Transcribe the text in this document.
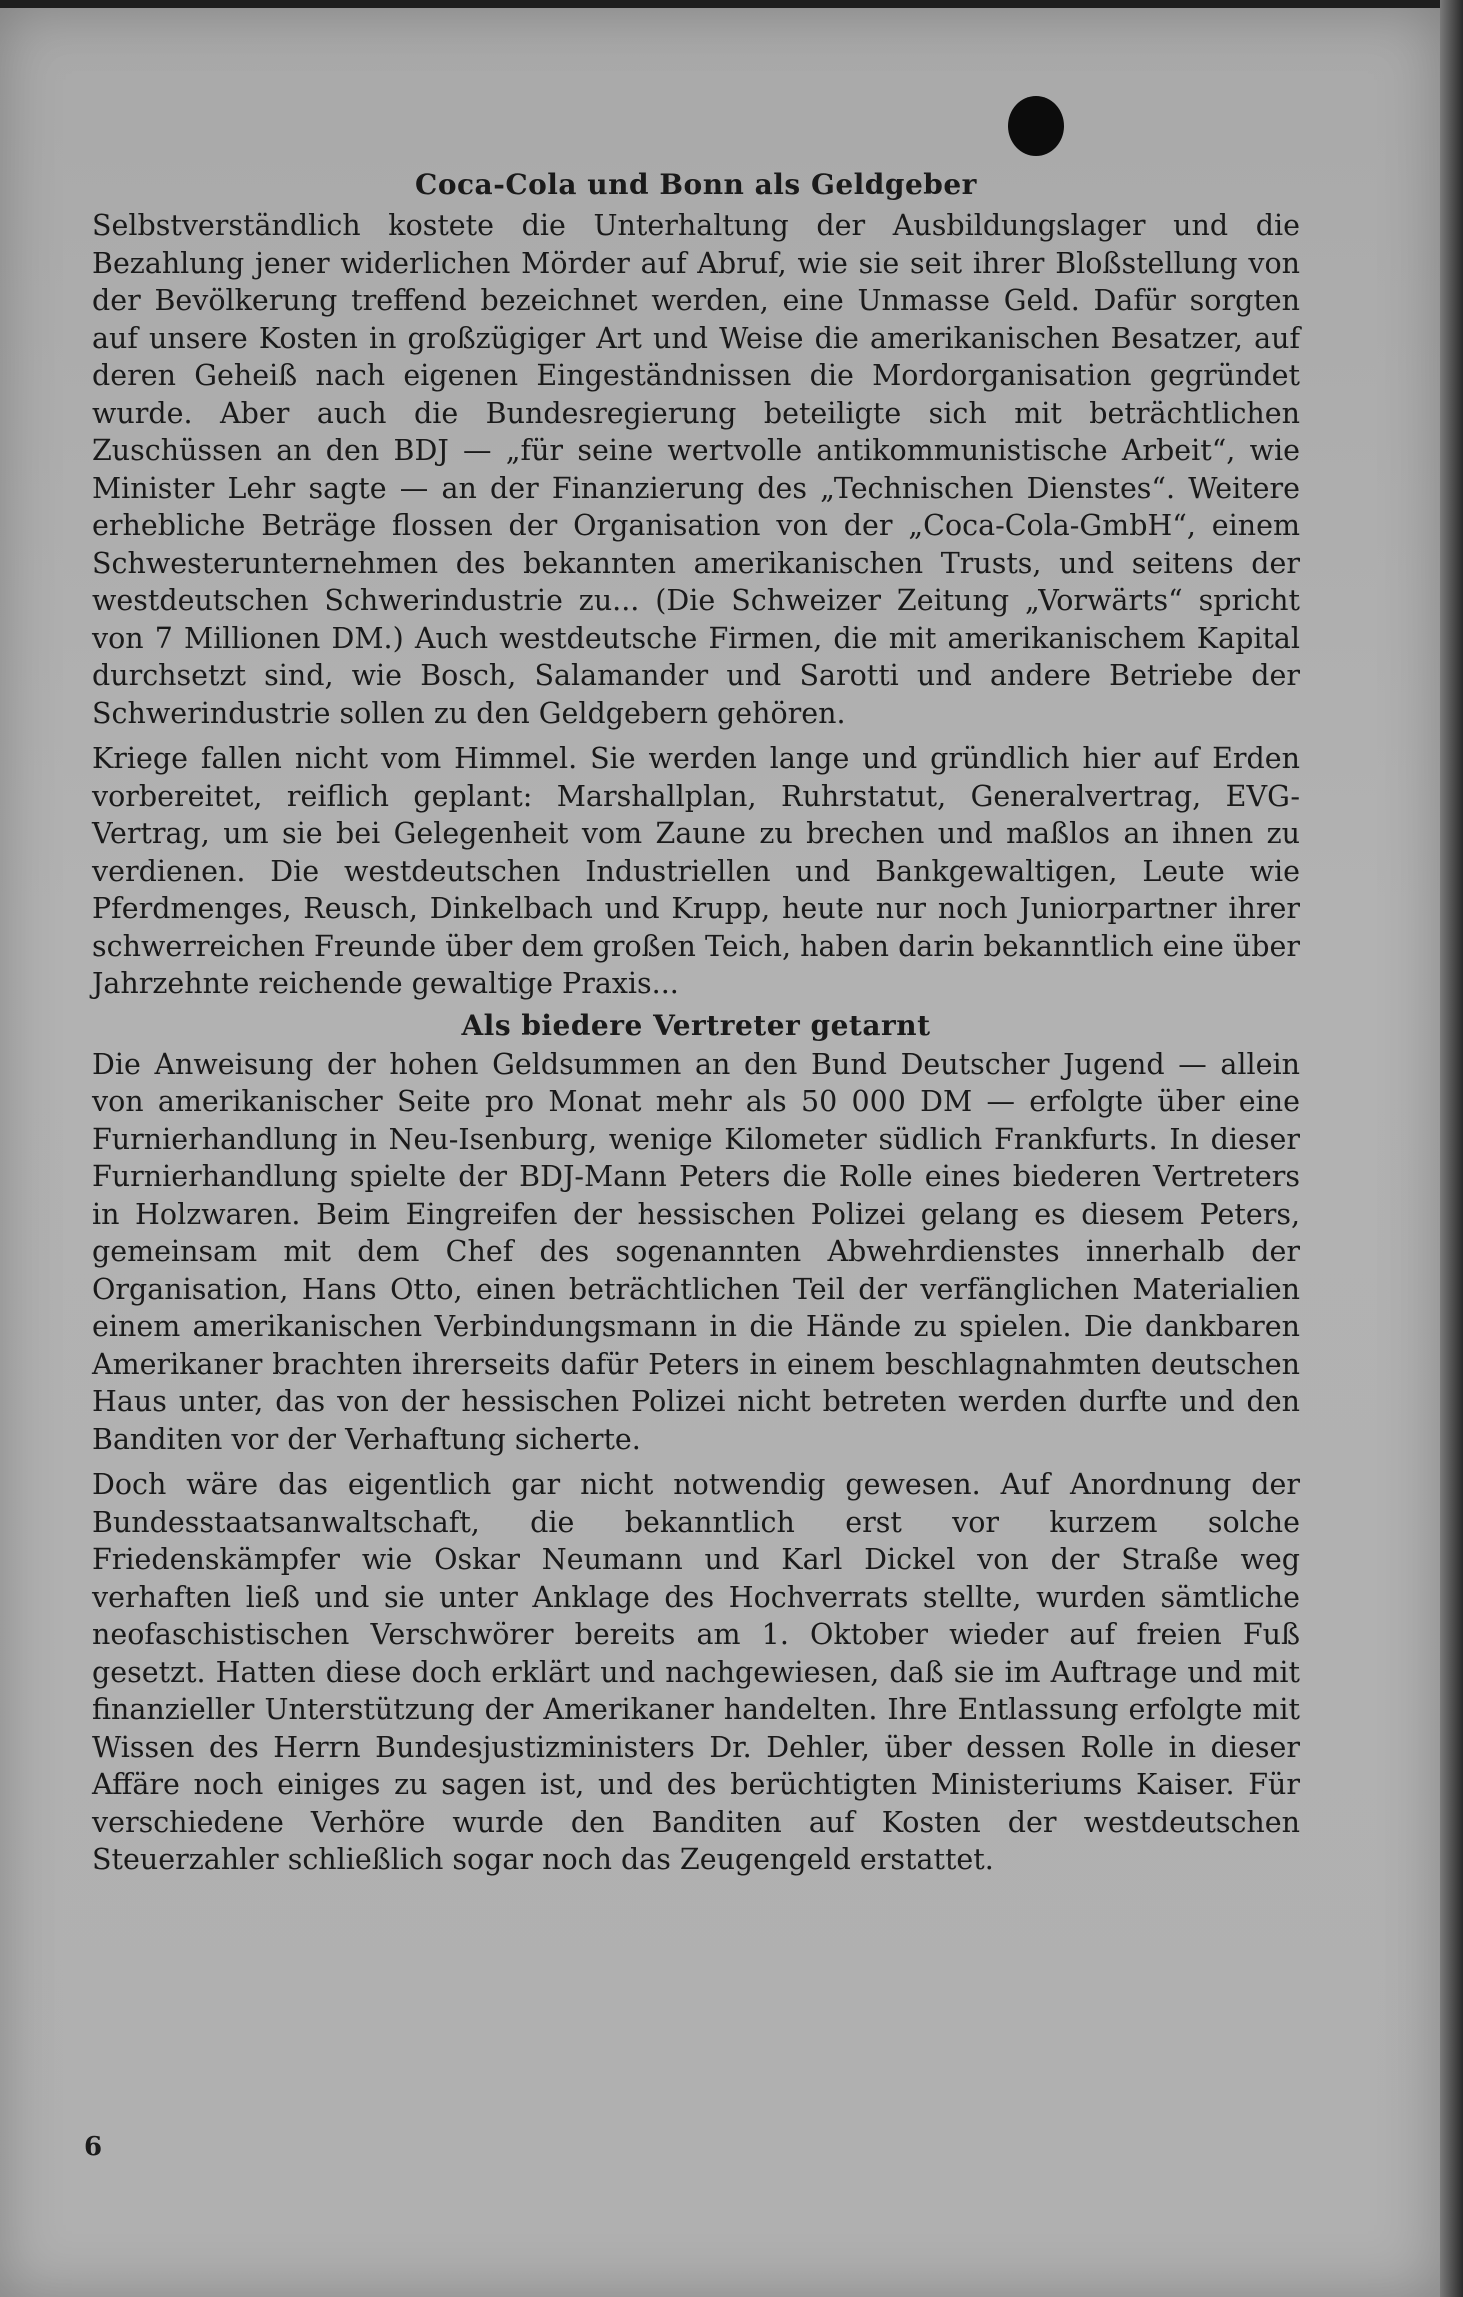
Coca-Cola und Bonn als Geldgeber

Selbstverständlich kostete die Unterhaltung der Ausbildungslager und die Bezahlung jener widerlichen Mörder auf Abruf, wie sie seit ihrer Bloßstellung von der Bevölkerung treffend bezeichnet werden, eine Unmasse Geld. Dafür sorgten auf unsere Kosten in großzügiger Art und Weise die amerikanischen Besatzer, auf deren Geheiß nach eigenen Eingeständnissen die Mordorganisation gegründet wurde. Aber auch die Bundesregierung beteiligte sich mit beträchtlichen Zuschüssen an den BDJ — „für seine wertvolle antikommunistische Arbeit“, wie Minister Lehr sagte — an der Finanzierung des „Technischen Dienstes“. Weitere erhebliche Beträge flossen der Organisation von der „Coca-Cola-GmbH“, einem Schwesterunternehmen des bekannten amerikanischen Trusts, und seitens der westdeutschen Schwerindustrie zu... (Die Schweizer Zeitung „Vorwärts“ spricht von 7 Millionen DM.) Auch westdeutsche Firmen, die mit amerikanischem Kapital durchsetzt sind, wie Bosch, Salamander und Sarotti und andere Betriebe der Schwerindustrie sollen zu den Geldgebern gehören.

Kriege fallen nicht vom Himmel. Sie werden lange und gründlich hier auf Erden vorbereitet, reiflich geplant: Marshallplan, Ruhrstatut, Generalvertrag, EVG-Vertrag, um sie bei Gelegenheit vom Zaune zu brechen und maßlos an ihnen zu verdienen. Die westdeutschen Industriellen und Bankgewaltigen, Leute wie Pferdmenges, Reusch, Dinkelbach und Krupp, heute nur noch Juniorpartner ihrer schwerreichen Freunde über dem großen Teich, haben darin bekanntlich eine über Jahrzehnte reichende gewaltige Praxis...

Als biedere Vertreter getarnt

Die Anweisung der hohen Geldsummen an den Bund Deutscher Jugend — allein von amerikanischer Seite pro Monat mehr als 50 000 DM — erfolgte über eine Furnierhandlung in Neu-Isenburg, wenige Kilometer südlich Frankfurts. In dieser Furnierhandlung spielte der BDJ-Mann Peters die Rolle eines biederen Vertreters in Holzwaren. Beim Eingreifen der hessischen Polizei gelang es diesem Peters, gemeinsam mit dem Chef des sogenannten Abwehrdienstes innerhalb der Organisation, Hans Otto, einen beträchtlichen Teil der verfänglichen Materialien einem amerikanischen Verbindungsmann in die Hände zu spielen. Die dankbaren Amerikaner brachten ihrerseits dafür Peters in einem beschlagnahmten deutschen Haus unter, das von der hessischen Polizei nicht betreten werden durfte und den Banditen vor der Verhaftung sicherte.

Doch wäre das eigentlich gar nicht notwendig gewesen. Auf Anordnung der Bundesstaatsanwaltschaft, die bekanntlich erst vor kurzem solche Friedenskämpfer wie Oskar Neumann und Karl Dickel von der Straße weg verhaften ließ und sie unter Anklage des Hochverrats stellte, wurden sämtliche neofaschistischen Verschwörer bereits am 1. Oktober wieder auf freien Fuß gesetzt. Hatten diese doch erklärt und nachgewiesen, daß sie im Auftrage und mit finanzieller Unterstützung der Amerikaner handelten. Ihre Entlassung erfolgte mit Wissen des Herrn Bundesjustizministers Dr. Dehler, über dessen Rolle in dieser Affäre noch einiges zu sagen ist, und des berüchtigten Ministeriums Kaiser. Für verschiedene Verhöre wurde den Banditen auf Kosten der westdeutschen Steuerzahler schließlich sogar noch das Zeugengeld erstattet.

6
